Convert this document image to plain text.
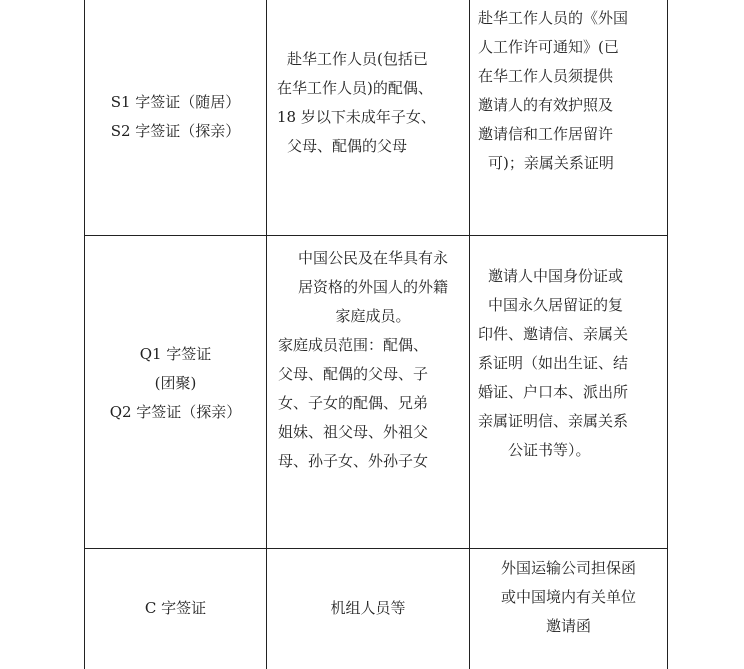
S1 字签证（随居）
S2 字签证（探亲）
赴华工作人员(包括已
在华工作人员)的配偶、
18 岁以下未成年子女、
父母、配偶的父母
赴华工作人员的《外国
人工作许可通知》(已
在华工作人员须提供
邀请人的有效护照及
邀请信和工作居留许
可)；亲属关系证明
Q1 字签证
(团聚)
Q2 字签证（探亲）
中国公民及在华具有永
居资格的外国人的外籍
家庭成员。
家庭成员范围：配偶、
父母、配偶的父母、子
女、子女的配偶、兄弟
姐妹、祖父母、外祖父
母、孙子女、外孙子女
邀请人中国身份证或
中国永久居留证的复
印件、邀请信、亲属关
系证明（如出生证、结
婚证、户口本、派出所
亲属证明信、亲属关系
公证书等）。
C 字签证	机组人员等
外国运输公司担保函
或中国境内有关单位
邀请函
